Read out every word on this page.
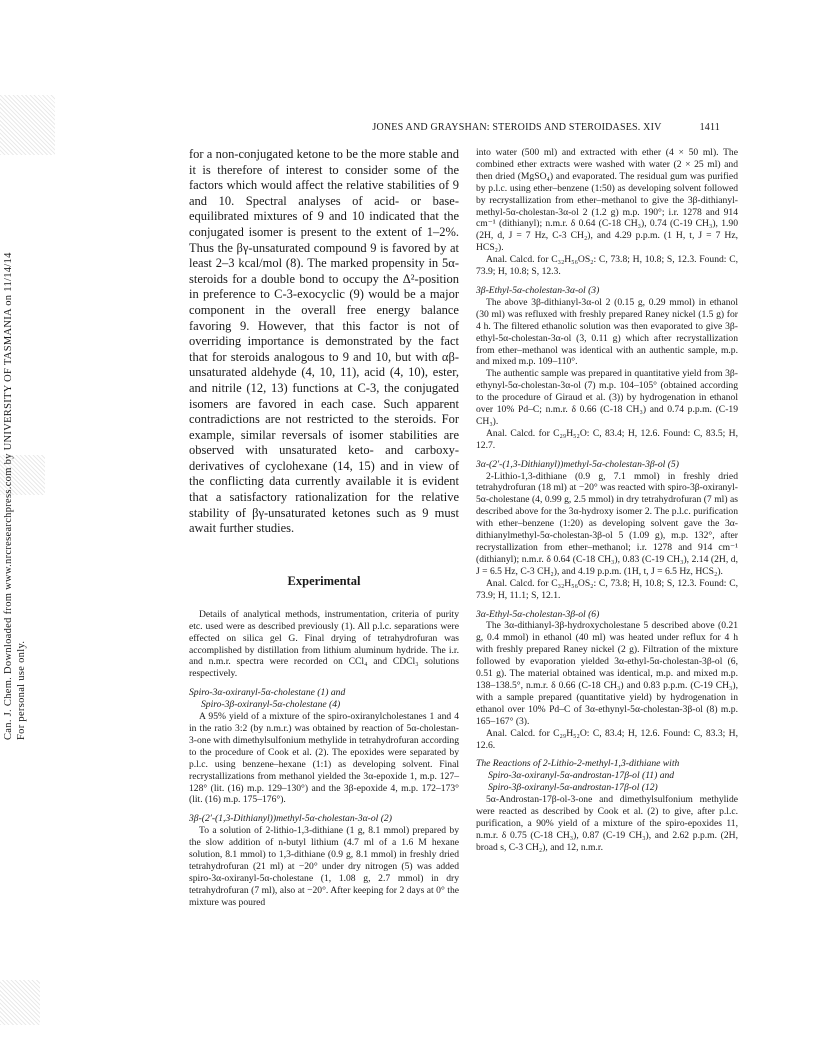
Can. J. Chem. Downloaded from www.nrcresearchpress.com by UNIVERSITY OF TASMANIA on 11/14/14 For personal use only.
JONES AND GRAYSHAN: STEROIDS AND STEROIDASES. XIV	1411

for a non-conjugated ketone to be the more stable and it is therefore of interest to consider some of the factors which would affect the relative stabilities of 9 and 10. Spectral analyses of acid- or base-equilibrated mixtures of 9 and 10 indicated that the conjugated isomer is present to the extent of 1–2%. Thus the βγ-unsaturated compound 9 is favored by at least 2–3 kcal/mol (8). The marked propensity in 5α-steroids for a double bond to occupy the Δ²-position in preference to C-3-exocyclic (9) would be a major component in the overall free energy balance favoring 9. However, that this factor is not of overriding importance is demonstrated by the fact that for steroids analogous to 9 and 10, but with αβ-unsaturated aldehyde (4, 10, 11), acid (4, 10), ester, and nitrile (12, 13) functions at C-3, the conjugated isomers are favored in each case. Such apparent contradictions are not restricted to the steroids. For example, similar reversals of isomer stabilities are observed with unsaturated keto- and carboxy-derivatives of cyclohexane (14, 15) and in view of the conflicting data currently available it is evident that a satisfactory rationalization for the relative stability of βγ-unsaturated ketones such as 9 must await further studies.

Experimental

Details of analytical methods, instrumentation, criteria of purity etc. used were as described previously (1). All p.l.c. separations were effected on silica gel G. Final drying of tetrahydrofuran was accomplished by distillation from lithium aluminum hydride. The i.r. and n.m.r. spectra were recorded on CCl₄ and CDCl₃ solutions respectively.

Spiro-3α-oxiranyl-5α-cholestane (1) and
Spiro-3β-oxiranyl-5α-cholestane (4)

A 95% yield of a mixture of the spiro-oxiranylcholestanes 1 and 4 in the ratio 3:2 (by n.m.r.) was obtained by reaction of 5α-cholestan-3-one with dimethylsulfonium methylide in tetrahydrofuran according to the procedure of Cook et al. (2). The epoxides were separated by p.l.c. using benzene–hexane (1:1) as developing solvent. Final recrystallizations from methanol yielded the 3α-epoxide 1, m.p. 127–128° (lit. (16) m.p. 129–130°) and the 3β-epoxide 4, m.p. 172–173° (lit. (16) m.p. 175–176°).

3β-(2′-(1,3-Dithianyl))methyl-5α-cholestan-3α-ol (2)

To a solution of 2-lithio-1,3-dithiane (1 g, 8.1 mmol) prepared by the slow addition of n-butyl lithium (4.7 ml of a 1.6 M hexane solution, 8.1 mmol) to 1,3-dithiane (0.9 g, 8.1 mmol) in freshly dried tetrahydrofuran (21 ml) at −20° under dry nitrogen (5) was added spiro-3α-oxiranyl-5α-cholestane (1, 1.08 g, 2.7 mmol) in dry tetrahydrofuran (7 ml), also at −20°. After keeping for 2 days at 0° the mixture was poured

into water (500 ml) and extracted with ether (4 × 50 ml). The combined ether extracts were washed with water (2 × 25 ml) and then dried (MgSO₄) and evaporated. The residual gum was purified by p.l.c. using ether–benzene (1:50) as developing solvent followed by recrystallization from ether–methanol to give the 3β-dithianyl-methyl-5α-cholestan-3α-ol 2 (1.2 g) m.p. 190°; i.r. 1278 and 914 cm⁻¹ (dithianyl); n.m.r. δ 0.64 (C-18 CH₃), 0.74 (C-19 CH₃), 1.90 (2H, d, J = 7 Hz, C-3 CH₂), and 4.29 p.p.m. (1 H, t, J = 7 Hz, HCS₂).

Anal. Calcd. for C₃₂H₅₆OS₂: C, 73.8; H, 10.8; S, 12.3. Found: C, 73.9; H, 10.8; S, 12.3.

3β-Ethyl-5α-cholestan-3α-ol (3)

The above 3β-dithianyl-3α-ol 2 (0.15 g, 0.29 mmol) in ethanol (30 ml) was refluxed with freshly prepared Raney nickel (1.5 g) for 4 h. The filtered ethanolic solution was then evaporated to give 3β-ethyl-5α-cholestan-3α-ol (3, 0.11 g) which after recrystallization from ether–methanol was identical with an authentic sample, m.p. and mixed m.p. 109–110°.

The authentic sample was prepared in quantitative yield from 3β-ethynyl-5α-cholestan-3α-ol (7) m.p. 104–105° (obtained according to the procedure of Giraud et al. (3)) by hydrogenation in ethanol over 10% Pd–C; n.m.r. δ 0.66 (C-18 CH₃) and 0.74 p.p.m. (C-19 CH₃).

Anal. Calcd. for C₂₉H₅₂O: C, 83.4; H, 12.6. Found: C, 83.5; H, 12.7.

3α-(2′-(1,3-Dithianyl))methyl-5α-cholestan-3β-ol (5)

2-Lithio-1,3-dithiane (0.9 g, 7.1 mmol) in freshly dried tetrahydrofuran (18 ml) at −20° was reacted with spiro-3β-oxiranyl-5α-cholestane (4, 0.99 g, 2.5 mmol) in dry tetrahydrofuran (7 ml) as described above for the 3α-hydroxy isomer 2. The p.l.c. purification with ether–benzene (1:20) as developing solvent gave the 3α-dithianylmethyl-5α-cholestan-3β-ol 5 (1.09 g), m.p. 132°, after recrystallization from ether–methanol; i.r. 1278 and 914 cm⁻¹ (dithianyl); n.m.r. δ 0.64 (C-18 CH₃), 0.83 (C-19 CH₃), 2.14 (2H, d, J = 6.5 Hz, C-3 CH₂), and 4.19 p.p.m. (1H, t, J = 6.5 Hz, HCS₂).

Anal. Calcd. for C₃₂H₅₆OS₂: C, 73.8; H, 10.8; S, 12.3. Found: C, 73.9; H, 11.1; S, 12.1.

3α-Ethyl-5α-cholestan-3β-ol (6)

The 3α-dithianyl-3β-hydroxycholestane 5 described above (0.21 g, 0.4 mmol) in ethanol (40 ml) was heated under reflux for 4 h with freshly prepared Raney nickel (2 g). Filtration of the mixture followed by evaporation yielded 3α-ethyl-5α-cholestan-3β-ol (6, 0.51 g). The material obtained was identical, m.p. and mixed m.p. 138–138.5°, n.m.r. δ 0.66 (C-18 CH₃) and 0.83 p.p.m. (C-19 CH₃), with a sample prepared (quantitative yield) by hydrogenation in ethanol over 10% Pd–C of 3α-ethynyl-5α-cholestan-3β-ol (8) m.p. 165–167° (3).

Anal. Calcd. for C₂₉H₅₂O: C, 83.4; H, 12.6. Found: C, 83.3; H, 12.6.

The Reactions of 2-Lithio-2-methyl-1,3-dithiane with
Spiro-3α-oxiranyl-5α-androstan-17β-ol (11) and
Spiro-3β-oxiranyl-5α-androstan-17β-ol (12)

5α-Androstan-17β-ol-3-one and dimethylsulfonium methylide were reacted as described by Cook et al. (2) to give, after p.l.c. purification, a 90% yield of a mixture of the spiro-epoxides 11, n.m.r. δ 0.75 (C-18 CH₃), 0.87 (C-19 CH₃), and 2.62 p.p.m. (2H, broad s, C-3 CH₂), and 12, n.m.r.
